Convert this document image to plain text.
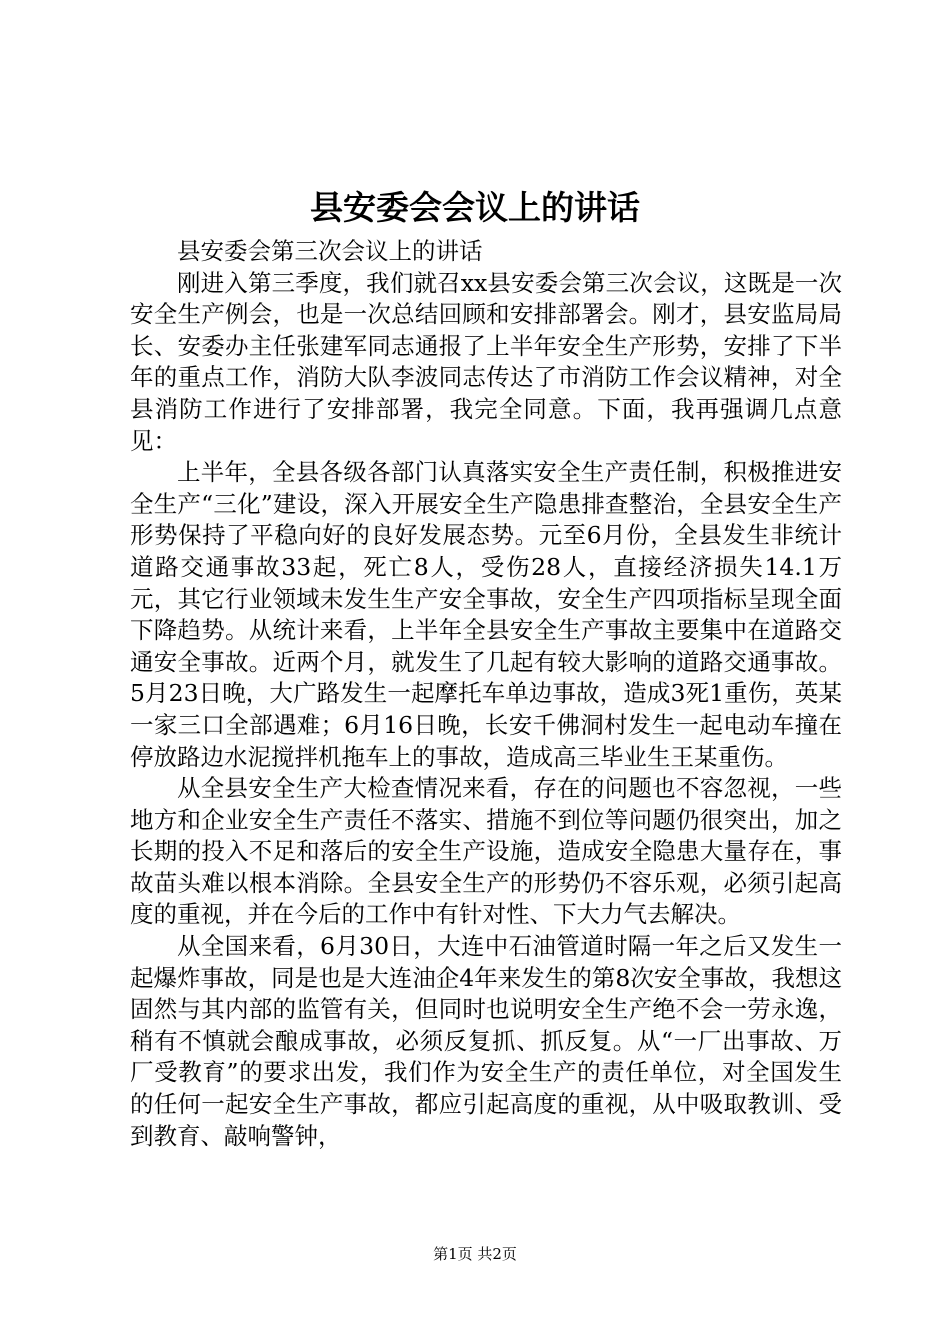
县安委会会议上的讲话

县安委会第三次会议上的讲话

刚进入第三季度，我们就召xx县安委会第三次会议，这既是一次安全生产例会，也是一次总结回顾和安排部署会。刚才，县安监局局长、安委办主任张建军同志通报了上半年安全生产形势，安排了下半年的重点工作，消防大队李波同志传达了市消防工作会议精神，对全县消防工作进行了安排部署，我完全同意。下面，我再强调几点意见：

上半年，全县各级各部门认真落实安全生产责任制，积极推进安全生产“三化”建设，深入开展安全生产隐患排查整治，全县安全生产形势保持了平稳向好的良好发展态势。元至6月份，全县发生非统计道路交通事故33起，死亡8人，受伤28人，直接经济损失14.1万元，其它行业领域未发生生产安全事故，安全生产四项指标呈现全面下降趋势。从统计来看，上半年全县安全生产事故主要集中在道路交通安全事故。近两个月，就发生了几起有较大影响的道路交通事故。5月23日晚，大广路发生一起摩托车单边事故，造成3死1重伤，英某一家三口全部遇难；6月16日晚，长安千佛洞村发生一起电动车撞在停放路边水泥搅拌机拖车上的事故，造成高三毕业生王某重伤。

从全县安全生产大检查情况来看，存在的问题也不容忽视，一些地方和企业安全生产责任不落实、措施不到位等问题仍很突出，加之长期的投入不足和落后的安全生产设施，造成安全隐患大量存在，事故苗头难以根本消除。全县安全生产的形势仍不容乐观，必须引起高度的重视，并在今后的工作中有针对性、下大力气去解决。

从全国来看，6月30日，大连中石油管道时隔一年之后又发生一起爆炸事故，同是也是大连油企4年来发生的第8次安全事故，我想这固然与其内部的监管有关，但同时也说明安全生产绝不会一劳永逸，稍有不慎就会酿成事故，必须反复抓、抓反复。从“一厂出事故、万厂受教育”的要求出发，我们作为安全生产的责任单位，对全国发生的任何一起安全生产事故，都应引起高度的重视，从中吸取教训、受到教育、敲响警钟，

第1页 共2页
